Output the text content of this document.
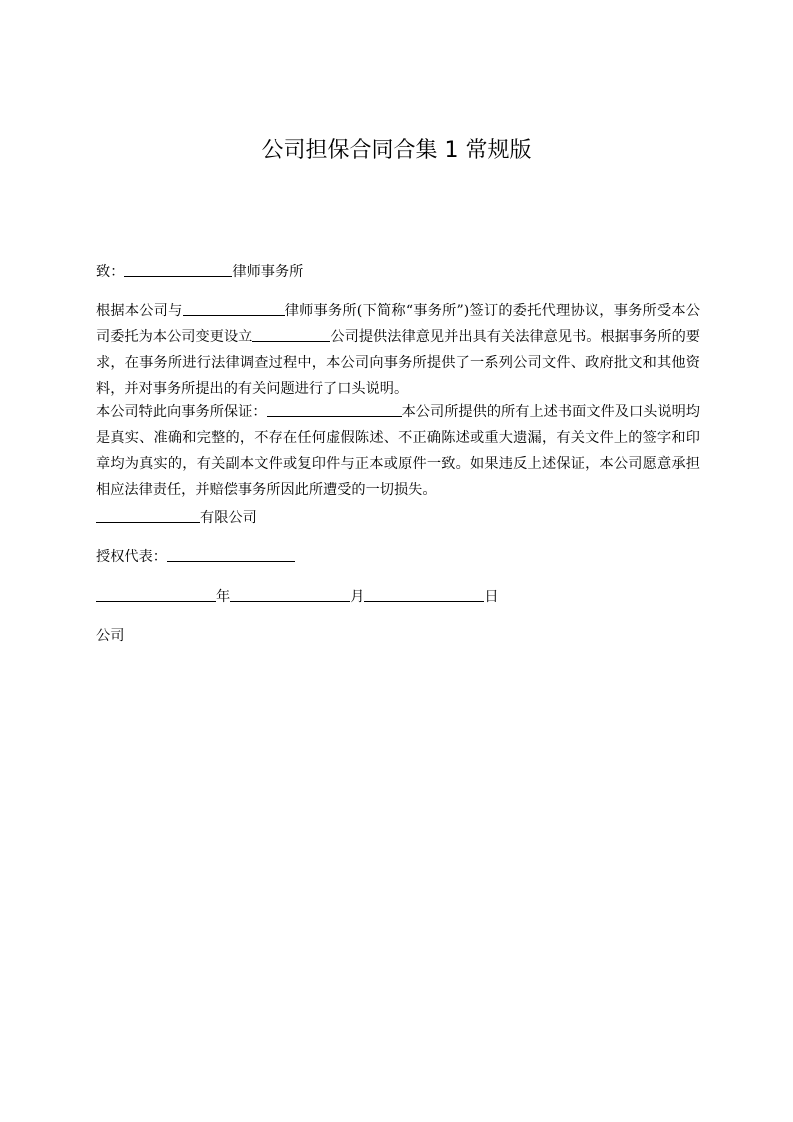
公司担保合同合集 1 常规版

致：	律师事务所

根据本公司与	律师事务所(下简称“事务所”)签订的委托代理协议，事务所受本公司委托为本公司变更设立	公司提供法律意见并出具有关法律意见书。根据事务所的要求，在事务所进行法律调查过程中，本公司向事务所提供了一系列公司文件、政府批文和其他资料，并对事务所提出的有关问题进行了口头说明。

本公司特此向事务所保证：	本公司所提供的所有上述书面文件及口头说明均是真实、准确和完整的，不存在任何虚假陈述、不正确陈述或重大遗漏，有关文件上的签字和印章均为真实的，有关副本文件或复印件与正本或原件一致。如果违反上述保证，本公司愿意承担相应法律责任，并赔偿事务所因此所遭受的一切损失。

有限公司

授权代表：

年	月	日

公司
